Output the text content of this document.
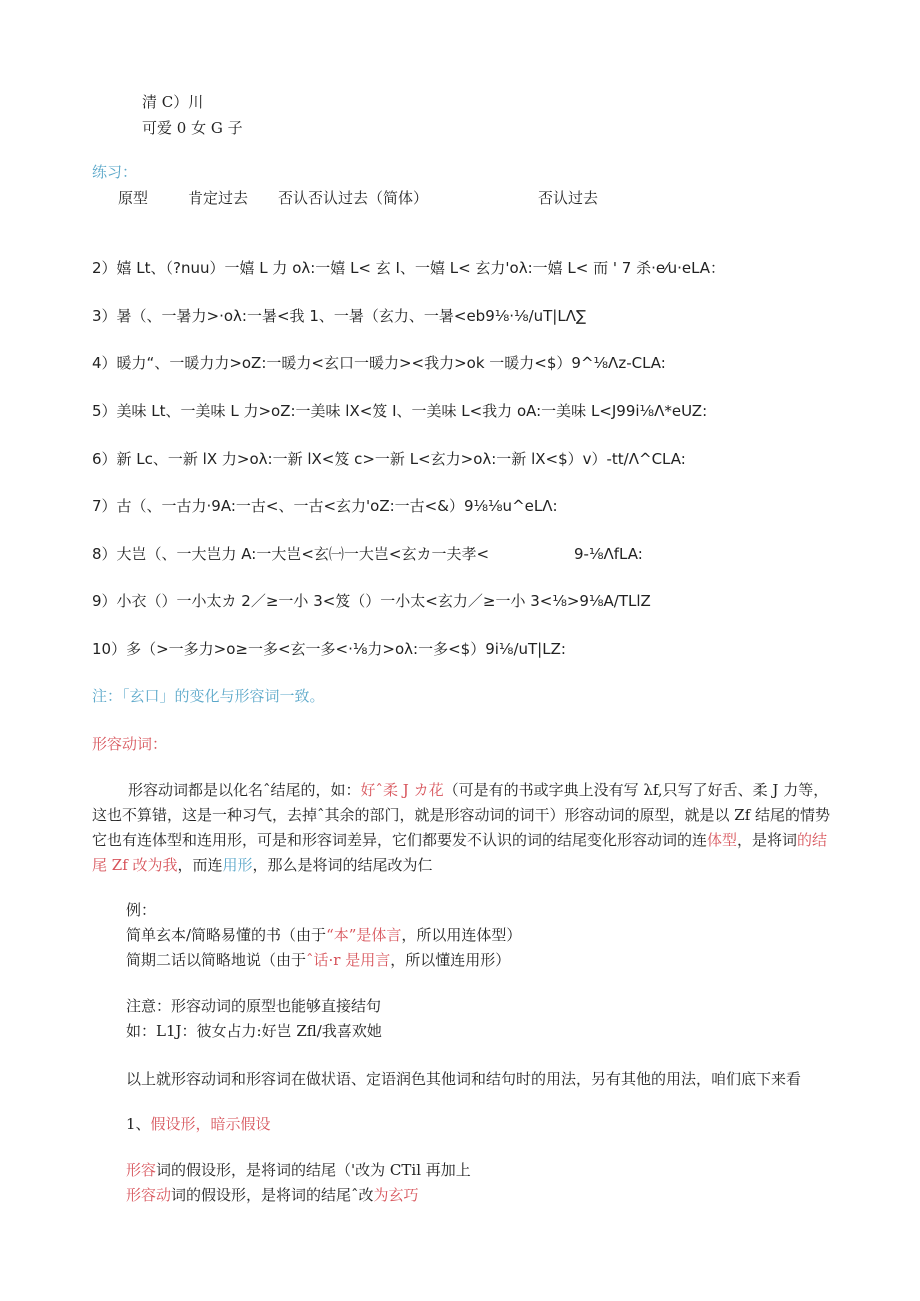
清 C）川
可爱 0 女 G 子
练习：
原型	肯定过去 否认否认过去（简体）	否认过去
2）嬉 Lt、（?nuu）一嬉 L 力 oλ:一嬉 L< 玄 I、一嬉 L< 玄力'oλ:一嬉 L< 而 ' 7 杀·e⁄u·eLA：
3）暑（、一暑力>·oλ:一暑<我 1、一暑（玄力、一暑<eb9⅛·⅛/uT|LΛ∑
4）暖力“、一暖力力>oZ:一暖力<玄口一暖力><我力>ok 一暖力<$）9^⅛Λz-CLA:
5）美味 Lt、一美味 L 力>oZ:一美味 lX<笈 I、一美味 L<我力 oA:一美味 L<J99i⅛Λ*eUZ:
6）新 Lc、一新 lX 力>oλ:一新 lX<笈 c>一新 L<玄力>oλ:一新 lX<$）v）-tt/Λ^CLA:
7）古（、一古力·9A:一古<、一古<玄力'oZ:一古<&）9⅛⅛u^eLΛ:
8）大岂（、一大岂力 A:一大岂<玄㈠一大岂<玄カ一夫孝<	9-⅛ΛfLA:
9）小衣（）一小太カ 2／≥一小 3<笈（）一小太<玄力／≥一小 3<⅛>9⅛A/TLlZ
10）多（>一多力>o≥一多<玄一多<·⅛力>oλ:一多<$）9i⅛/uT|LZ:
注：「玄口」的变化与形容词一致。
形容动词：
形容动词都是以化名ˆ结尾的，如：好ˆ柔 J カ花（可是有的书或字典上没有写 λf,只写了好舌、柔 J 力等，这也不算错，这是一种习气，去掉ˆ其余的部门，就是形容动词的词干）形容动词的原型，就是以 Zf 结尾的情势它也有连体型和连用形，可是和形容词差异，它们都要发不认识的词的结尾变化形容动词的连体型，是将词的结尾 Zf 改为我，而连用形，那么是将词的结尾改为仁
例：
简单玄本/简略易懂的书（由于“本”是体言，所以用连体型）
简期二话以简略地说（由于ˆ话·r 是用言，所以懂连用形）
注意：形容动词的原型也能够直接结句
如：L1J：彼女占力:好岂 Zfl/我喜欢她
以上就形容动词和形容词在做状语、定语润色其他词和结句时的用法，另有其他的用法，咱们底下来看
1、假设形，暗示假设
形容词的假设形，是将词的结尾（'改为 CTil 再加上
形容动词的假设形，是将词的结尾ˆ改为玄巧
